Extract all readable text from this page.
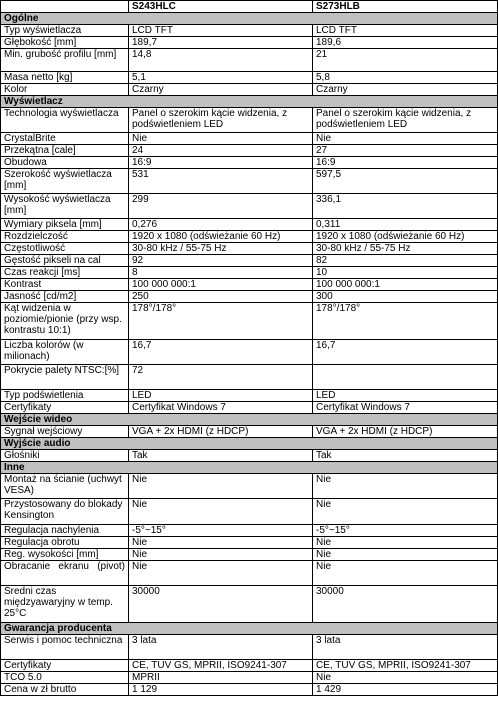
	S243HLC	S273HLB
Ogólne		
Typ wyświetlacza	LCD TFT	LCD TFT
Głębokość [mm]	189,7	189,6
Min. grubość profilu [mm]	14,8	21
Masa netto [kg]	5,1	5,8
Kolor	Czarny	Czarny
Wyświetlacz		
Technologia wyświetlacza	Panel o szerokim kącie widzenia, z podświetleniem LED	Panel o szerokim kącie widzenia, z podświetleniem LED
CrystalBrite	Nie	Nie
Przekątna [cale]	24	27
Obudowa	16:9	16:9
Szerokość wyświetlacza [mm]	531	597,5
Wysokość wyświetlacza [mm]	299	336,1
Wymiary piksela [mm]	0,276	0,311
Rozdzielczość	1920 x 1080 (odświeżanie 60 Hz)	1920 x 1080 (odświeżanie 60 Hz)
Częstotliwość	30-80 kHz / 55-75 Hz	30-80 kHz / 55-75 Hz
Gęstość pikseli na cal	92	82
Czas reakcji [ms]	8	10
Kontrast	100 000 000:1	100 000 000:1
Jasność [cd/m2]	250	300
Kąt widzenia w poziomie/pionie (przy wsp. kontrastu 10:1)	178°/178°	178°/178°
Liczba kolorów (w milionach)	16,7	16,7
Pokrycie palety NTSC:[%]	72	
Typ podświetlenia	LED	LED
Certyfikaty	Certyfikat Windows 7	Certyfikat Windows 7
Wejście wideo		
Sygnał wejściowy	VGA + 2x HDMI (z HDCP)	VGA + 2x HDMI (z HDCP)
Wyjście audio		
Głośniki	Tak	Tak
Inne		
Montaż na ścianie (uchwyt VESA)	Nie	Nie
Przystosowany do blokady Kensington	Nie	Nie
Regulacja nachylenia	-5°~15°	-5°~15°
Regulacja obrotu	Nie	Nie
Reg. wysokości [mm]	Nie	Nie
Obracanie ekranu (pivot)	Nie	Nie
Średni czas międzyawaryjny w temp. 25°C	30000	30000
Gwarancja producenta		
Serwis i pomoc techniczna	3 lata	3 lata
Certyfikaty	CE, TUV GS, MPRII, ISO9241-307	CE, TUV GS, MPRII, ISO9241-307
TCO 5.0	MPRII	Nie
Cena w zł brutto	1 129	1 429
